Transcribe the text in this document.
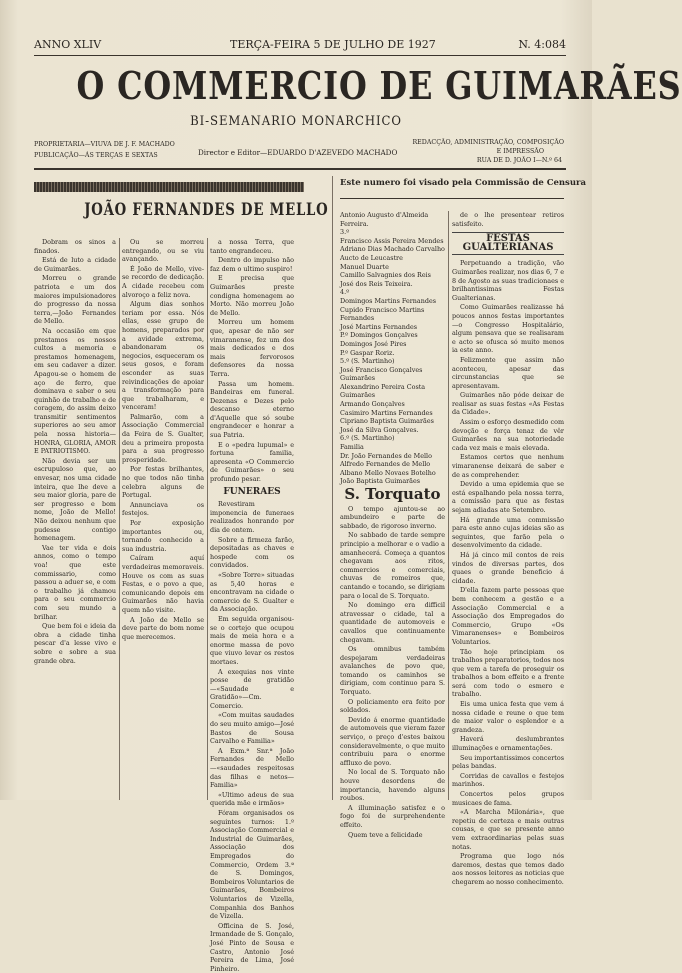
ANNO XLIV	TERÇA-FEIRA 5 DE JULHO DE 1927	N. 4:084
O COMMERCIO DE GUIMARÃES
BI-SEMANARIO MONARCHICO
PROPRIETARIA—VIUVA DE J. F. MACHADO
PUBLICAÇÃO—ÁS TERÇAS E SEXTAS	Director e Editor—EDUARDO D'AZEVEDO MACHADO
REDACÇÃO, ADMINISTRAÇÃO, COMPOSIÇÃO
E IMPRESSÃO
RUA DE D. JOÃO I—N.º 64
JOÃO FERNANDES DE MELLO

Dobram os sinos a finados.

Está de luto a cidade de Guimarães.

Morreu o grande patriota e um dos maiores impulsionadores do progresso da nossa terra,—João Fernandes de Mello.

Na occasião em que prestamos os nossos cultos a memoria e prestamos homenagem, em seu cadaver a dizer. Apagou-se o homem de aço de ferro, que dominava e saber o seu quinhão de trabalho e de coragem, do assim deixo transmitir sentimentos superiores ao seu amor pela nossa historia—HONRA, GLORIA, AMOR E PATRIOTISMO.

Não devia ser um escrupuloso que, ao envesar, nos uma cidade inteira, que lhe deve a seu maior gloria, pare de ser progresso e bom nome, João de Mello! Não deixou nenhum que pudesse contigo homenagem.

Vae ter vida e dois annos, como o tempo voa! que este commissario, como passou a aduer se, e com o trabalho já chamou para o seu commercio com seu mundo a brilhar.

Que bem foi e ideia da obra a cidade tinha pescar d'a lesse vivo e sobre e sobre a sua grande obra.

Ou se morreu entregando, ou se viu avançando.

É João de Mello, vive-se recordo de dedicação. A cidade recebeu com alvoroço a feliz nova.

Algum dias sonhos teriam por essa. Nós ellas, esse grupo de homens, preparados por a avidade extrema, abandonaram os negocios, esqueceram os seus gosos, e foram esconder as suas reivindicações de apoiar a transformação para que trabalharam, e venceram!

Palmarão, com a Associação Commercial da Feira de S. Gualter, deu a primeira proposta para a sua progresso prosperidade.

Por festas brilhantes, no que todos não tinha celebra alguns de Portugal.

Annunciava os festejos.

Por exposição importantes ou, tornando conhecido a sua industria.

Caíram aquí verdadeiras memoraveis. Houve os com as suas Festas, e o povo a que, comunicando depois em Guimarães não havia quem não visite.

A João de Mello se deve parte do bom nome que merecemos.

a nossa Terra, que tanto engrandeceu.

Dentro do impulso não faz dem o ultimo suspiro!

E precisa que Guimarães preste condigna homenagem ao Morto. Não morreu João de Mello.

Morreu um homem que, apesar de não ser vimaranense, fez um dos mais dedicados e dos mais fervorosos defensores da nossa Terra.

Passa um homem. Bandeiras em funeral. Dezenas e Dezes pelo descanso eterno d'Aquelle que só soube engrandecer e honrar a sua Patria.

E o «pedra lupumal» e fortuna familia, apresenta «O Commercio de Guimarães» o seu profundo pesar.

FUNERAES

Revestiram imponencia de funeraes realizados honrando por dia de ontem.

Sobre a firmeza farão, depositadas as chaves e hospede com os convidados.

«Sobre Torre» situadas as 5,40 horas e encontravam na cidade o comercio de S. Gualter e da Associação.

Em seguida organisou-se o cortejo que ocupou mais de meia hora e a enorme massa de povo que viuvo levar os restos mortaes.

A exequias nos vinte posse de gratidão—«Saudade e Gratidão»—Cm. Comercio.

«Com muitas saudades do seu muito amigo—José Bastos de Sousa Carvalho e Familia»

A Exm.ª Snr.ª João Fernandes de Mello—«saudades respeitosas das filhas e netos—Familia»

«Ultimo adeus de sua querida mãe e irmãos»

Fóram organisados os seguintes turnos: 1.º Associação Commercial e Industrial de Guimarães, Associação dos Empregados do Commercio, Ordem 3.ª de S. Domingos, Bombeiros Voluntarios de Guimarães, Bombeiros Voluntarios de Vizella, Companhia dos Banhos de Vizella.

Officina de S. José, Irmandade de S. Gonçalo, José Pinto de Sousa e Castro, Antonio José Pereira de Lima, José Pinheiro.

Este numero foi visado pela Commissão de Censura

Antonio Augusto d'Almeida Ferreira.

3.º

Francisco Assis Pereira Mendes

Adriano Dias Machado Carvalho

Aucto de Leucastre

Manuel Duarte

Camillo Salvagnies dos Reis

José dos Reis Teixeira.

4.º

Domingos Martins Fernandes

Cupido Francisco Martins Fernandes

José Martins Fernandes

P.º Domingos Gonçalves

Domingos José Pires

P.º Gaspar Roriz.

5.º (S. Martinho)

José Francisco Gonçalves Guimarães

Alexandrino Pereira Costa Guimarães

Armando Gonçalves

Casimiro Martins Fernandes

Cipriano Baptista Guimarães

José da Silva Gonçalves.

6.º (S. Martinho)

Familia

Dr. João Fernandes de Mello

Alfredo Fernandes de Mello

Albano Mello Novaes Botelho

João Baptista Guimarães

S. Torquato

O tempo ajuntou-se ao ambundeiro e parte de sabbado, de rigoroso inverno.

No sabbado de tarde sempre principio a melhorar e o vadio a amanhecerá. Começa a quantos chegavam aos ritos, commercios e comerciais, chuvas de romeiros que, cantando e tocando, se dirigiam para o local de S. Torquato.

No domingo era difficil atravessar o cidade, tal a quantidade de automoveis e cavallos que continuamente chegavam.

Os omnibus também despejaram verdadeiras avalanches de povo que, tomando os caminhos se dirigiam, com continuo para S. Torquato.

O policiamento era feito por soldados.

Devido á enorme quantidade de automoveis que vieram fazer serviço, o preço d'estes baixou consideravelmente, o que muito contribuiu para o enorme affluxo de povo.

No local de S. Torquato não houve desordens de importancia, havendo alguns roubos.

A illuminação satisfez e o fogo foi de surprehendente effeito.

Quem teve a felicidade

de o lhe presentear retiros satisfeito.

FESTAS GUALTERIANAS

Perpetuando a tradição, vão Guimarães realizar, nos dias 6, 7 e 8 de Agosto as suas tradicionaes e brilhantissimas Festas Gualterianas.

Como Guimarães realizasse há poucos annos festas importantes—o Congresso Hospitalário, algum pensava que se realisaram e acto se ofusca só muito menos ia este anno.

Felizmente que assim não aconteceu, apesar das circunstancias que se apresentavam.

Guimarães não póde deixar de realisar as suas festas «As Festas da Cidade».

Assim o esforço desmedido com devoção e força tenaz de vêr Guimarães na sua notoriedade cada vez mais e mais elevada.

Estamos certos que nenhum vimaranense deixará de saber e de as comprehender.

Devido a uma epidemia que se está espalhando pela nossa terra, a comissão para que as festas sejam adiadas ate Setembro.

Há grande uma commissão para este anno cujas ideias são as seguintes, que farão pela o desenvolvimento da cidade.

Há já cinco mil contos de reis vindos de diversas partes, dos quaes o grande beneficio á cidade.

D'ella fazem parte pessoas que bem conhecem a gestão e a Associação Commercial e a Associação dos Empregados do Commercio, Grupo «Os Vimaranenses» e Bombeiros Voluntarios.

Tão hoje principiam os trabalhos preparatorios, todos nos que vem a tarefa de proseguir os trabalhos a bom effeito e a frente será com todo o esmero e trabalho.

Eis uma unica festa que vem á nossa cidade e reune o que tem de maior valor o esplendor e a grandeza.

Haverá deslumbrantes illuminações e ornamentações.

Seu importantissimos concertos pelas bandas.

Corridas de cavallos e festejos marinhos.

Concertos pelos grupos musicaes de fama.

«A Marcha Milonária», que repetiu de certeza e mais outras cousas, e que se presente anno vem extraordinarias pelas suas notas.

Programa que logo nós daremos, destas que temos dado aos nossos leitores as noticias que chegarem ao nosso conhecimento.
